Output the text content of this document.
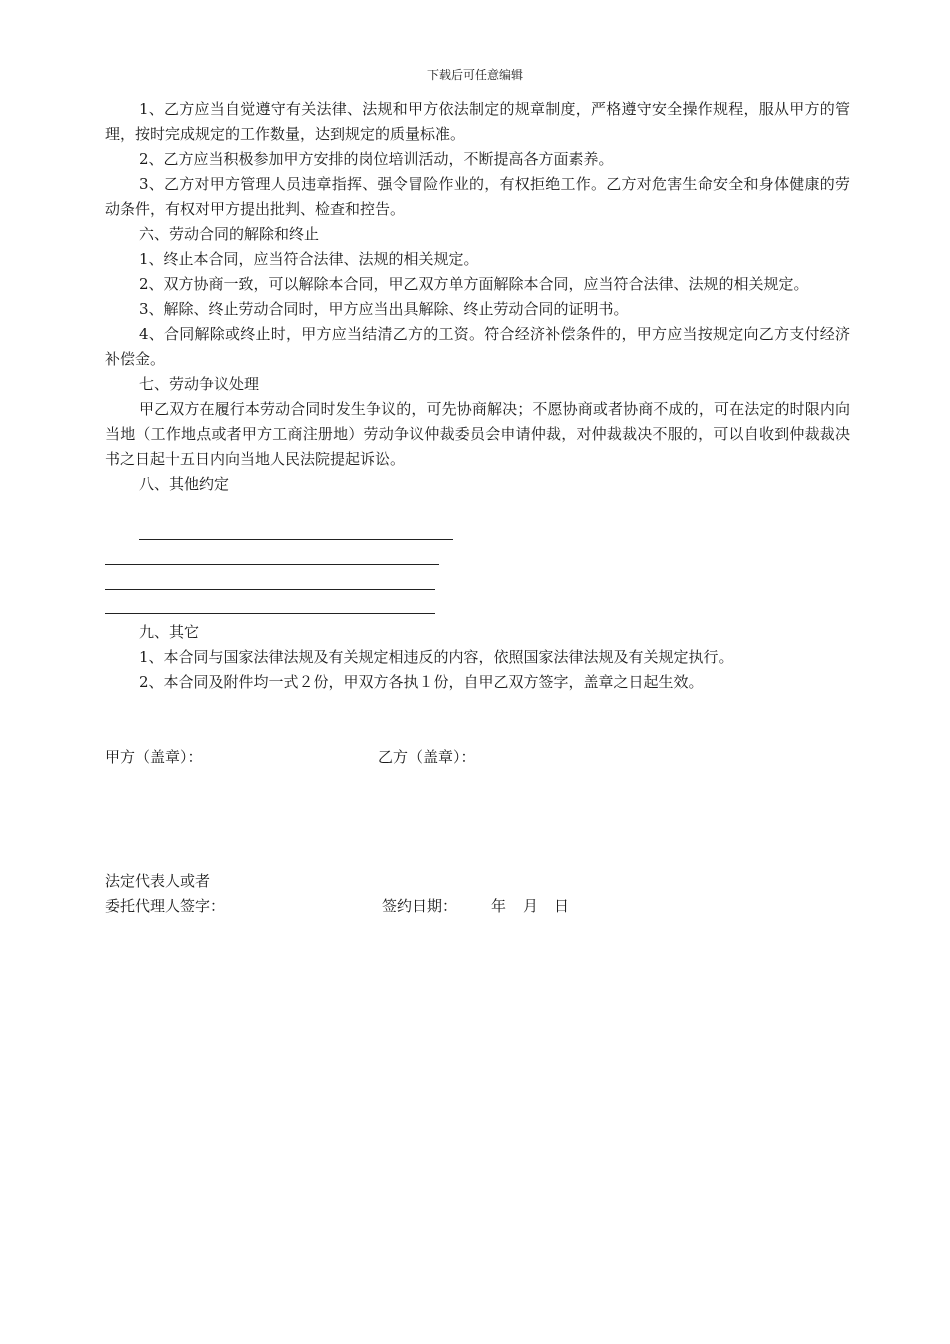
下载后可任意编辑

1、乙方应当自觉遵守有关法律、法规和甲方依法制定的规章制度，严格遵守安全操作规程，服从甲方的管理，按时完成规定的工作数量，达到规定的质量标准。

2、乙方应当积极参加甲方安排的岗位培训活动，不断提高各方面素养。

3、乙方对甲方管理人员违章指挥、强令冒险作业的，有权拒绝工作。乙方对危害生命安全和身体健康的劳动条件，有权对甲方提出批判、检查和控告。

六、劳动合同的解除和终止

1、终止本合同，应当符合法律、法规的相关规定。

2、双方协商一致，可以解除本合同，甲乙双方单方面解除本合同，应当符合法律、法规的相关规定。

3、解除、终止劳动合同时，甲方应当出具解除、终止劳动合同的证明书。

4、合同解除或终止时，甲方应当结清乙方的工资。符合经济补偿条件的，甲方应当按规定向乙方支付经济补偿金。

七、劳动争议处理

甲乙双方在履行本劳动合同时发生争议的，可先协商解决；不愿协商或者协商不成的，可在法定的时限内向当地（工作地点或者甲方工商注册地）劳动争议仲裁委员会申请仲裁，对仲裁裁决不服的，可以自收到仲裁裁决书之日起十五日内向当地人民法院提起诉讼。

八、其他约定

九、其它
1、本合同与国家法律法规及有关规定相违反的内容，依照国家法律法规及有关规定执行。
2、本合同及附件均一式２份，甲双方各执１份，自甲乙双方签字，盖章之日起生效。
甲方（盖章）：	乙方（盖章）：
法定代表人或者
委托代理人签字：	签约日期： 年 月 日
